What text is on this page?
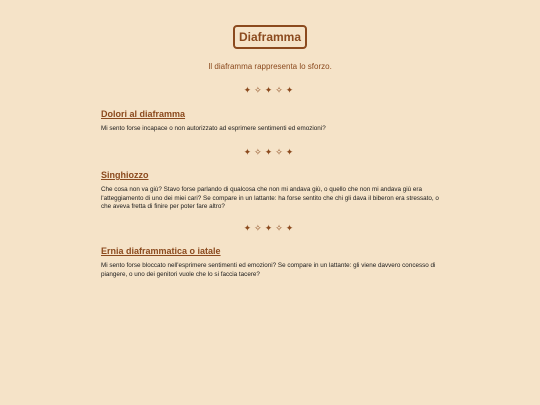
Diaframma
Il diaframma rappresenta lo sforzo.
✦✧✦✧✦
Dolori al diaframma

Mi sento forse incapace o non autorizzato ad esprimere sentimenti ed emozioni?

✦✧✦✧✦
Singhiozzo

Che cosa non va giù? Stavo forse parlando di qualcosa che non mi andava giù, o quello che non mi andava giù era l'atteggiamento di uno dei miei cari? Se compare in un lattante: ha forse sentito che chi gli dava il biberon era stressato, o che aveva fretta di finire per poter fare altro?

✦✧✦✧✦
Ernia diaframmatica o iatale

Mi sento forse bloccato nell'esprimere sentimenti ed emozioni? Se compare in un lattante: gli viene davvero concesso di piangere, o uno dei genitori vuole che lo si faccia tacere?
